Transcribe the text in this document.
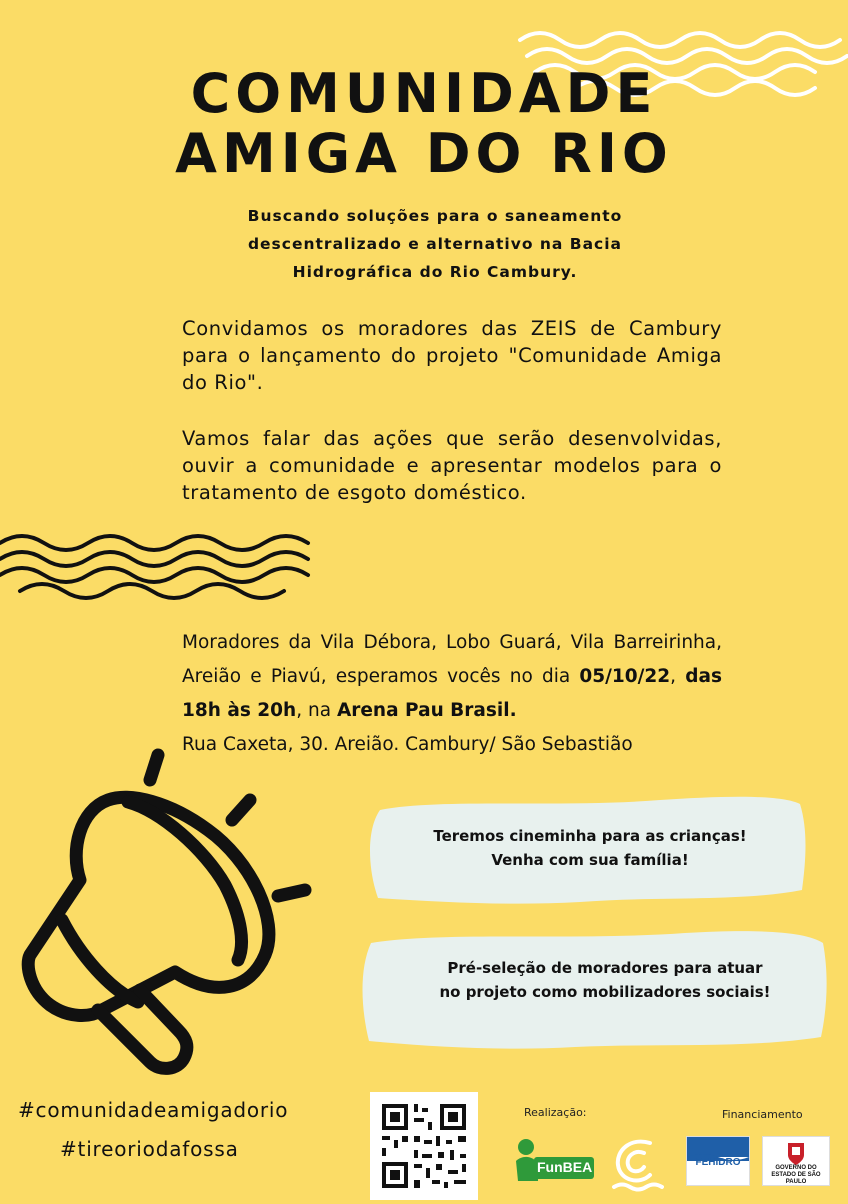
COMUNIDADE
AMIGA DO RIO
Buscando soluções para o saneamento
descentralizado e alternativo na Bacia
Hidrográfica do Rio Cambury.
Convidamos os moradores das ZEIS de Cambury para o lançamento do projeto "Comunidade Amiga do Rio".
Vamos falar das ações que serão desenvolvidas, ouvir a comunidade e apresentar modelos para o tratamento de esgoto doméstico.
Moradores da Vila Débora, Lobo Guará, Vila Barreirinha, Areião e Piavú, esperamos vocês no dia 05/10/22, das 18h às 20h, na Arena Pau Brasil.
Rua Caxeta, 30. Areião. Cambury/ São Sebastião
Teremos cineminha para as crianças!
Venha com sua família!
Pré-seleção de moradores para atuar
no projeto como mobilizadores sociais!
#comunidadeamigadorio
#tireoriodafossa
Realização:
FunBEA
Financiamento
FEHIDRO	GOVERNO DO ESTADO DE SÃO PAULO
